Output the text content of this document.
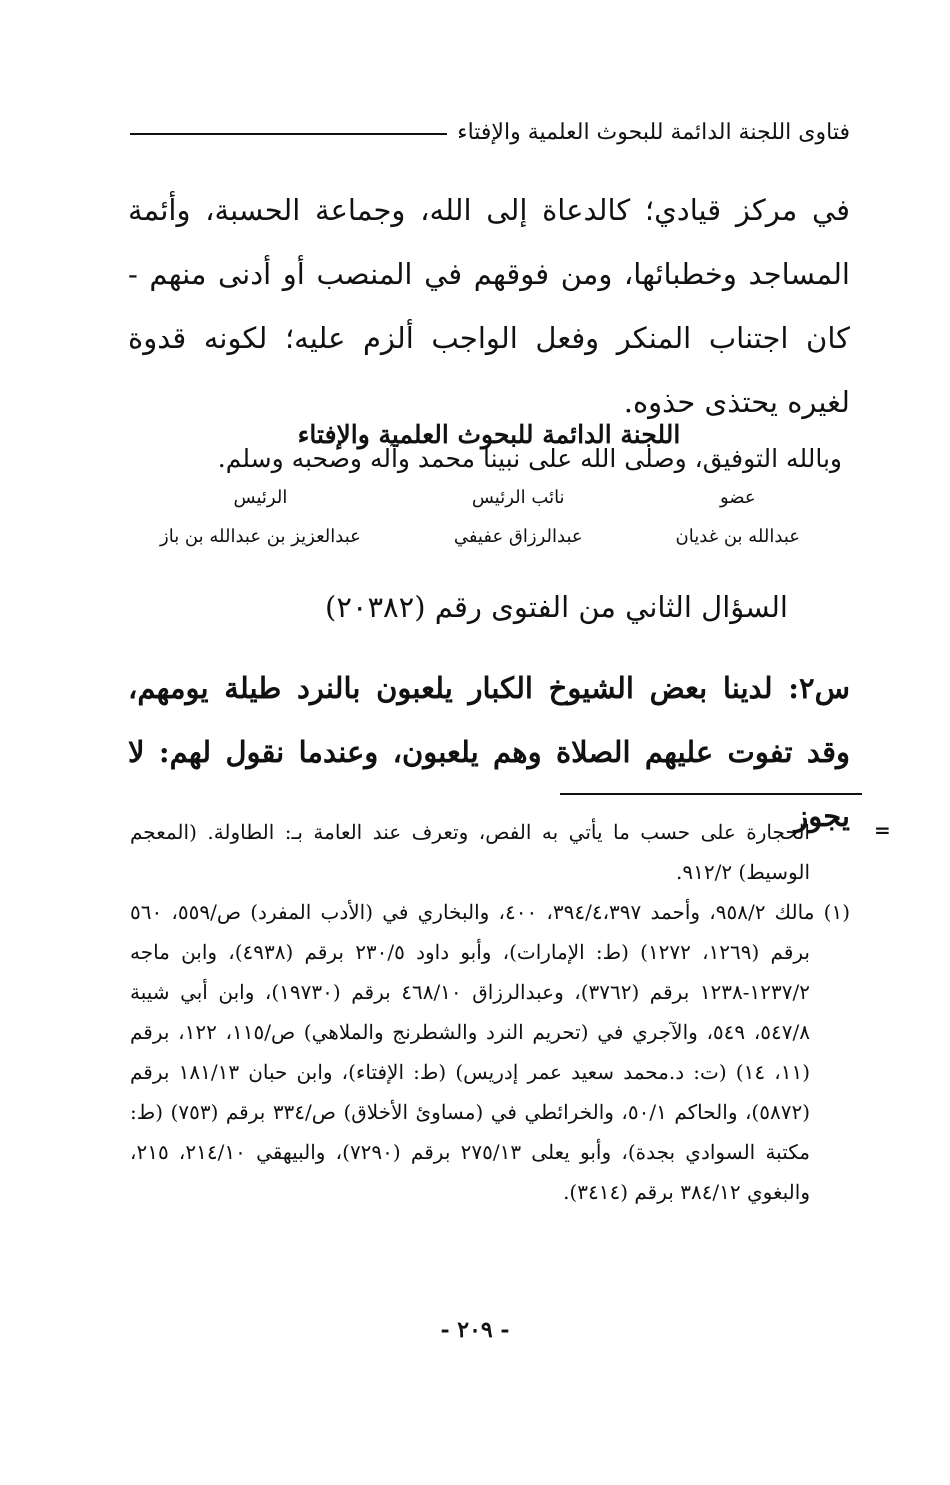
فتاوى اللجنة الدائمة للبحوث العلمية والإفتاء

في مركز قيادي؛ كالدعاة إلى الله، وجماعة الحسبة، وأئمة المساجد وخطبائها، ومن فوقهم في المنصب أو أدنى منهم - كان اجتناب المنكر وفعل الواجب ألزم عليه؛ لكونه قدوة لغيره يحتذى حذوه.

وبالله التوفيق، وصلى الله على نبينا محمد وآله وصحبه وسلم.

اللجنة الدائمة للبحوث العلمية والإفتاء
عضو
عبدالله بن غديان
نائب الرئيس
عبدالرزاق عفيفي
الرئيس
عبدالعزيز بن عبدالله بن باز
السؤال الثاني من الفتوى رقم (٢٠٣٨٢)

س٢: لدينا بعض الشيوخ الكبار يلعبون بالنرد طيلة يومهم، وقد تفوت عليهم الصلاة وهم يلعبون، وعندما نقول لهم: لا يجوز =

الحجارة على حسب ما يأتي به الفص، وتعرف عند العامة بـ: الطاولة. (المعجم الوسيط) ٩١٢/٢.

(١) مالك ٩٥٨/٢، وأحمد ٣٩٤/٤،٣٩٧، ٤٠٠، والبخاري في (الأدب المفرد) ص/٥٥٩، ٥٦٠ برقم (١٢٦٩، ١٢٧٢) (ط: الإمارات)، وأبو داود ٢٣٠/٥ برقم (٤٩٣٨)، وابن ماجه ١٢٣٧/٢-١٢٣٨ برقم (٣٧٦٢)، وعبدالرزاق ٤٦٨/١٠ برقم (١٩٧٣٠)، وابن أبي شيبة ٥٤٧/٨، ٥٤٩، والآجري في (تحريم النرد والشطرنج والملاهي) ص/١١٥، ١٢٢، برقم (١١، ١٤) (ت: د.محمد سعيد عمر إدريس) (ط: الإفتاء)، وابن حبان ١٨١/١٣ برقم (٥٨٧٢)، والحاكم ٥٠/١، والخرائطي في (مساوئ الأخلاق) ص/٣٣٤ برقم (٧٥٣) (ط: مكتبة السوادي بجدة)، وأبو يعلى ٢٧٥/١٣ برقم (٧٢٩٠)، والبيهقي ٢١٤/١٠، ٢١٥، والبغوي ٣٨٤/١٢ برقم (٣٤١٤).

- ٢٠٩ -
